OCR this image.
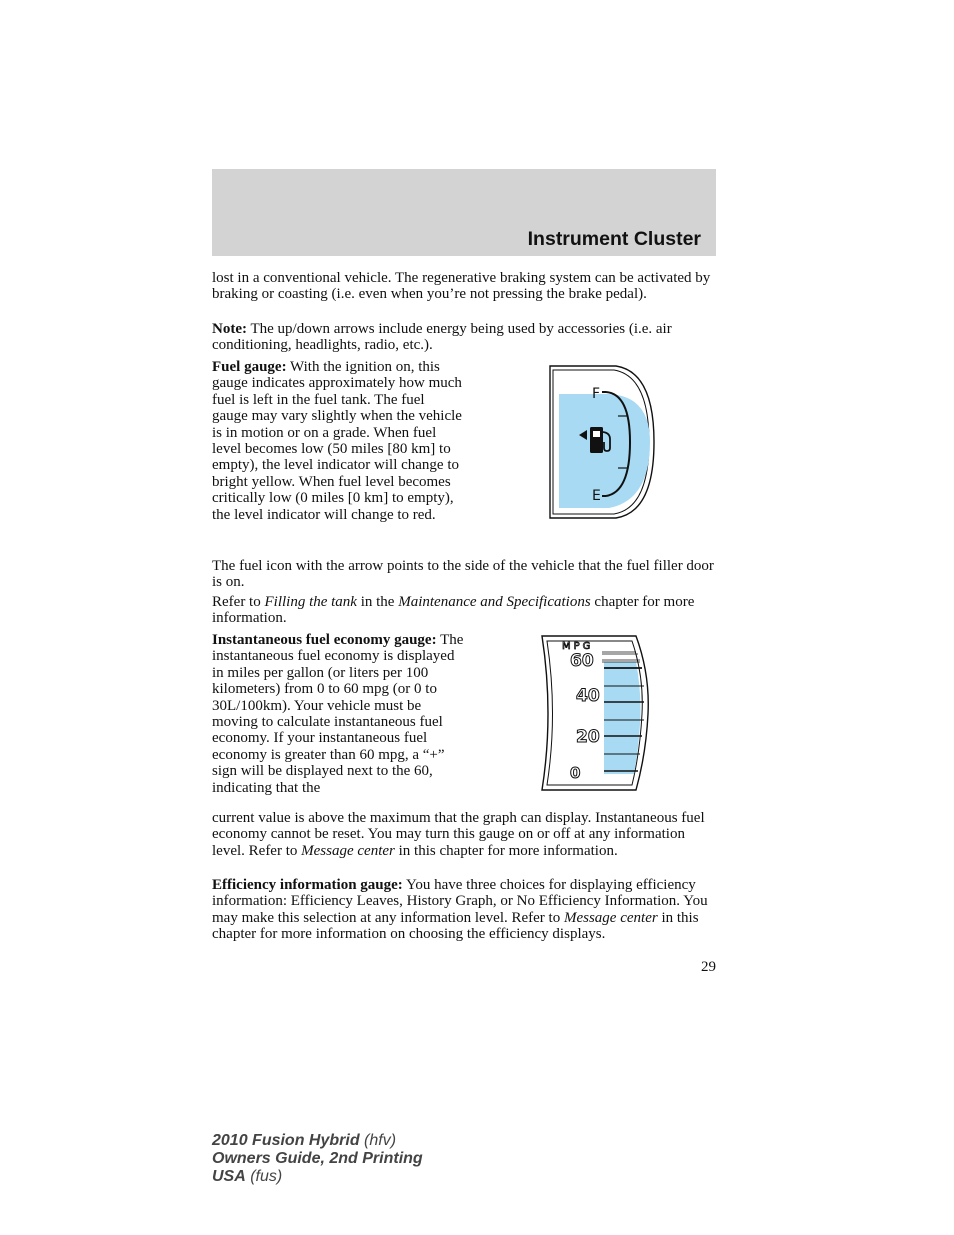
Instrument Cluster

lost in a conventional vehicle. The regenerative braking system can be activated by braking or coasting (i.e. even when you’re not pressing the brake pedal).

Note: The up/down arrows include energy being used by accessories (i.e. air conditioning, headlights, radio, etc.).

Fuel gauge: With the ignition on, this gauge indicates approximately how much fuel is left in the fuel tank. The fuel gauge may vary slightly when the vehicle is in motion or on a grade. When fuel level becomes low (50 miles [80 km] to empty), the level indicator will change to bright yellow. When fuel level becomes critically low (0 miles [0 km] to empty), the level indicator will change to red.

F
E

The fuel icon with the arrow points to the side of the vehicle that the fuel filler door is on.

Refer to Filling the tank in the Maintenance and Specifications chapter for more information.

Instantaneous fuel economy gauge: The instantaneous fuel economy is displayed in miles per gallon (or liters per 100 kilometers) from 0 to 60 mpg (or 0 to 30L/100km). Your vehicle must be moving to calculate instantaneous fuel economy. If your instantaneous fuel economy is greater than 60 mpg, a “+” sign will be displayed next to the 60, indicating that the

MPG
60
40
20
0

current value is above the maximum that the graph can display. Instantaneous fuel economy cannot be reset. You may turn this gauge on or off at any information level. Refer to Message center in this chapter for more information.

Efficiency information gauge: You have three choices for displaying efficiency information: Efficiency Leaves, History Graph, or No Efficiency Information. You may make this selection at any information level. Refer to Message center in this chapter for more information on choosing the efficiency displays.

29
2010 Fusion Hybrid (hfv)
Owners Guide, 2nd Printing
USA (fus)
